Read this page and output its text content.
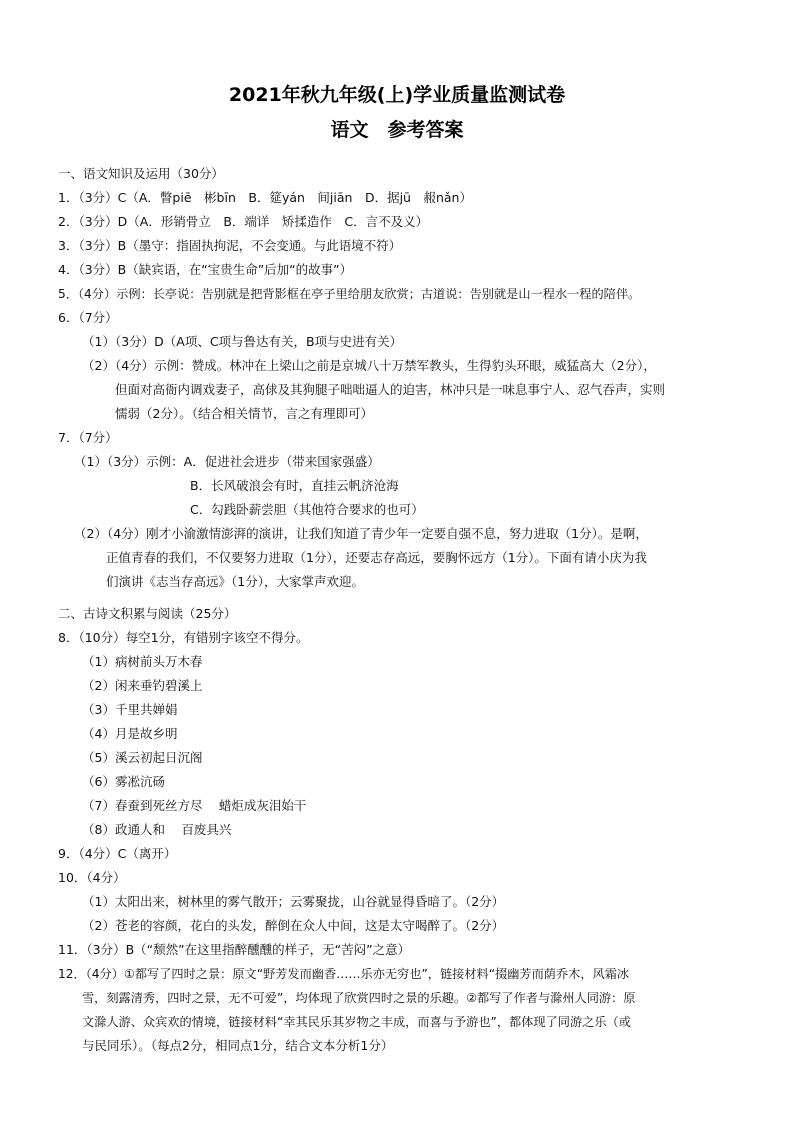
2021年秋九年级(上)学业质量监测试卷
语文　参考答案
一、语文知识及运用（30分）
1．（3分）C（A．瞥piē　彬bīn　B．筵yán　间jiān　D．据jū　赧nǎn）
2．（3分）D（A．形销骨立　B．端详　矫揉造作　C．言不及义）
3．（3分）B（墨守：指固执拘泥，不会变通。与此语境不符）
4．（3分）B（缺宾语，在“宝贵生命”后加“的故事”）
5．（4分）示例：长亭说：告别就是把背影框在亭子里给朋友欣赏；古道说：告别就是山一程水一程的陪伴。
6．（7分）
（1）（3分）D（A项、C项与鲁达有关，B项与史进有关）
（2）（4分）示例：赞成。林冲在上梁山之前是京城八十万禁军教头，生得豹头环眼，威猛高大（2分），
但面对高衙内调戏妻子，高俅及其狗腿子咄咄逼人的迫害，林冲只是一味息事宁人、忍气吞声，实则
懦弱（2分）。（结合相关情节，言之有理即可）
7．（7分）
（1）（3分）示例：A．促进社会进步（带来国家强盛）
B．长风破浪会有时，直挂云帆济沧海
C．勾践卧薪尝胆（其他符合要求的也可）
（2）（4分）刚才小渝激情澎湃的演讲，让我们知道了青少年一定要自强不息，努力进取（1分）。是啊，
正值青春的我们，不仅要努力进取（1分），还要志存高远，要胸怀远方（1分）。下面有请小庆为我
们演讲《志当存高远》（1分），大家掌声欢迎。
二、古诗文积累与阅读（25分）
8．（10分）每空1分，有错别字该空不得分。
（1）病树前头万木春
（2）闲来垂钓碧溪上
（3）千里共婵娟
（4）月是故乡明
（5）溪云初起日沉阁
（6）雾凇沆砀
（7）春蚕到死丝方尽　 蜡炬成灰泪始干
（8）政通人和　 百废具兴
9．（4分）C（离开）
10．（4分）
（1）太阳出来，树林里的雾气散开；云雾聚拢，山谷就显得昏暗了。（2分）
（2）苍老的容颜，花白的头发，醉倒在众人中间，这是太守喝醉了。（2分）
11．（3分）B（“颓然”在这里指醉醺醺的样子，无“苦闷”之意）
12．（4分）①都写了四时之景：原文“野芳发而幽香……乐亦无穷也”，链接材料“掇幽芳而荫乔木，风霜冰
雪，刻露清秀，四时之景，无不可爱”，均体现了欣赏四时之景的乐趣。②都写了作者与滁州人同游：原
文滁人游、众宾欢的情境，链接材料“幸其民乐其岁物之丰成，而喜与予游也”，都体现了同游之乐（或
与民同乐）。（每点2分，相同点1分，结合文本分析1分）
